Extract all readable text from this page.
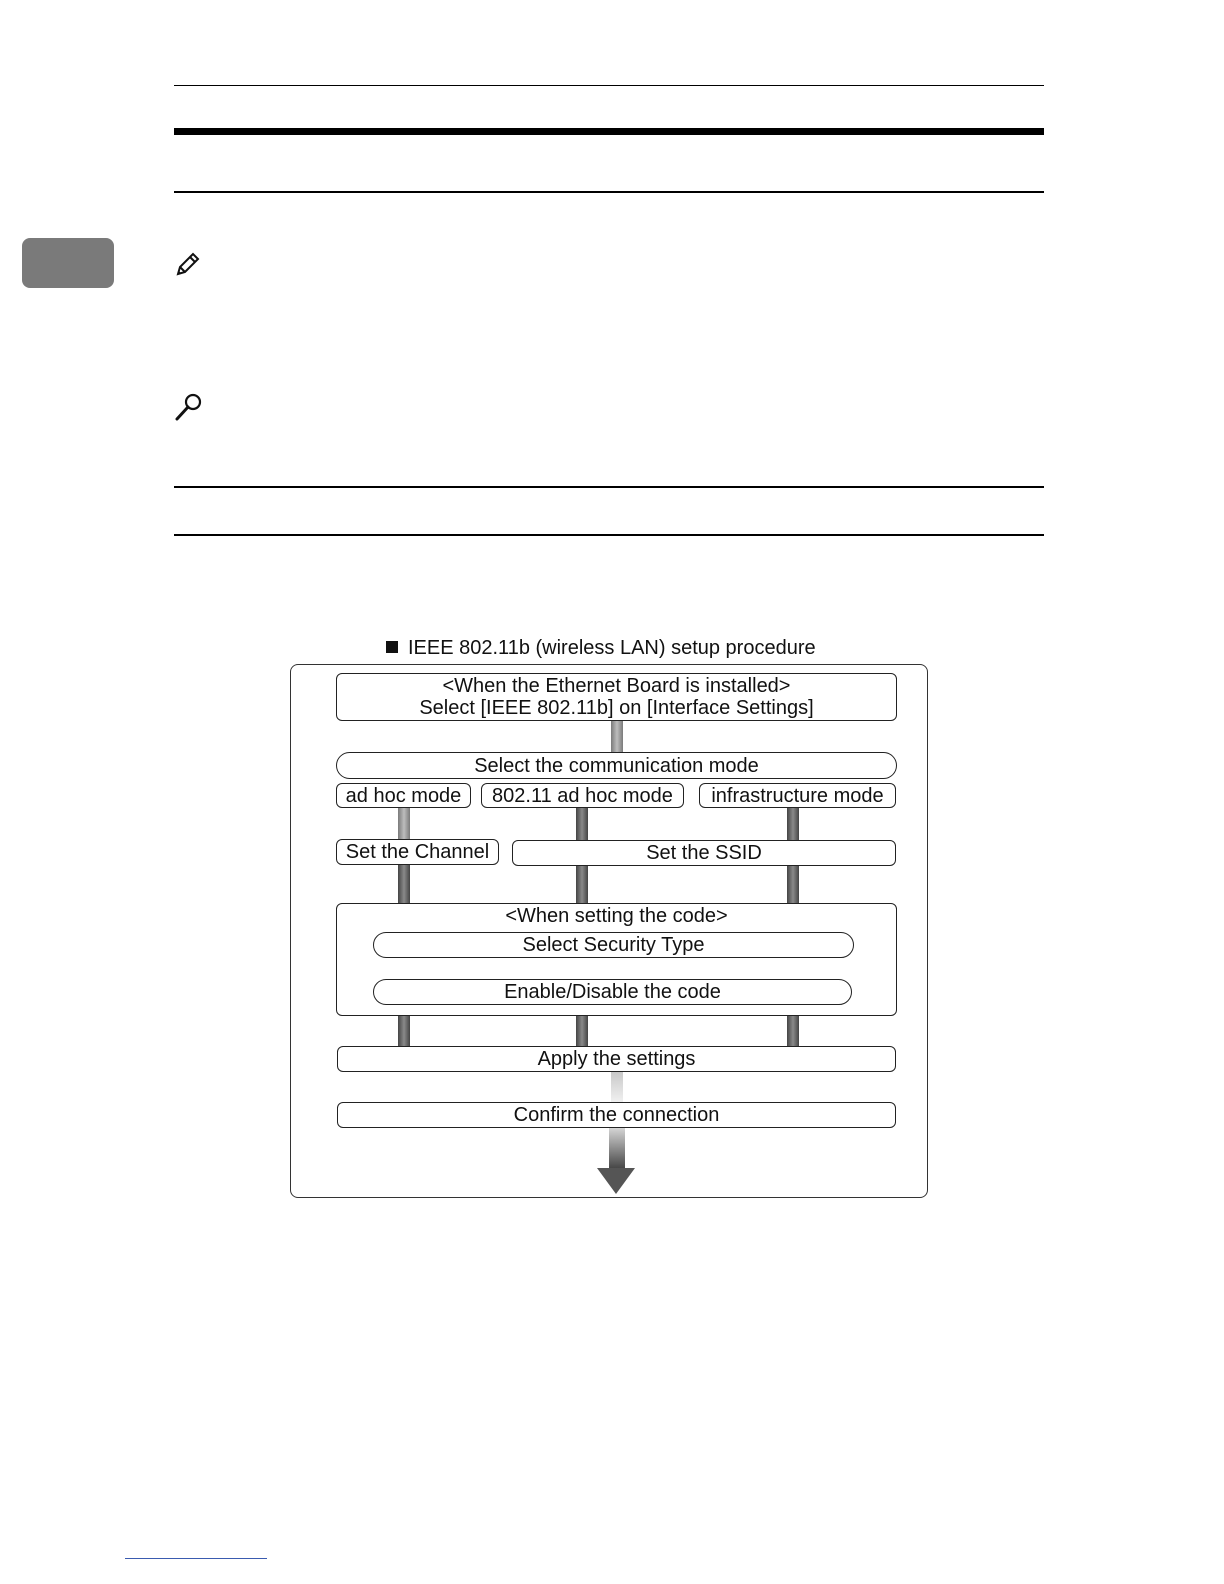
IEEE 802.11b (wireless LAN) setup procedure
<When the Ethernet Board is installed>
Select [IEEE 802.11b] on [Interface Settings]
Select the communication mode
ad hoc mode	802.11 ad hoc mode	infrastructure mode
Set the Channel	Set the SSID
<When setting the code>
Select Security Type
Enable/Disable the code
Apply the settings
Confirm the connection
